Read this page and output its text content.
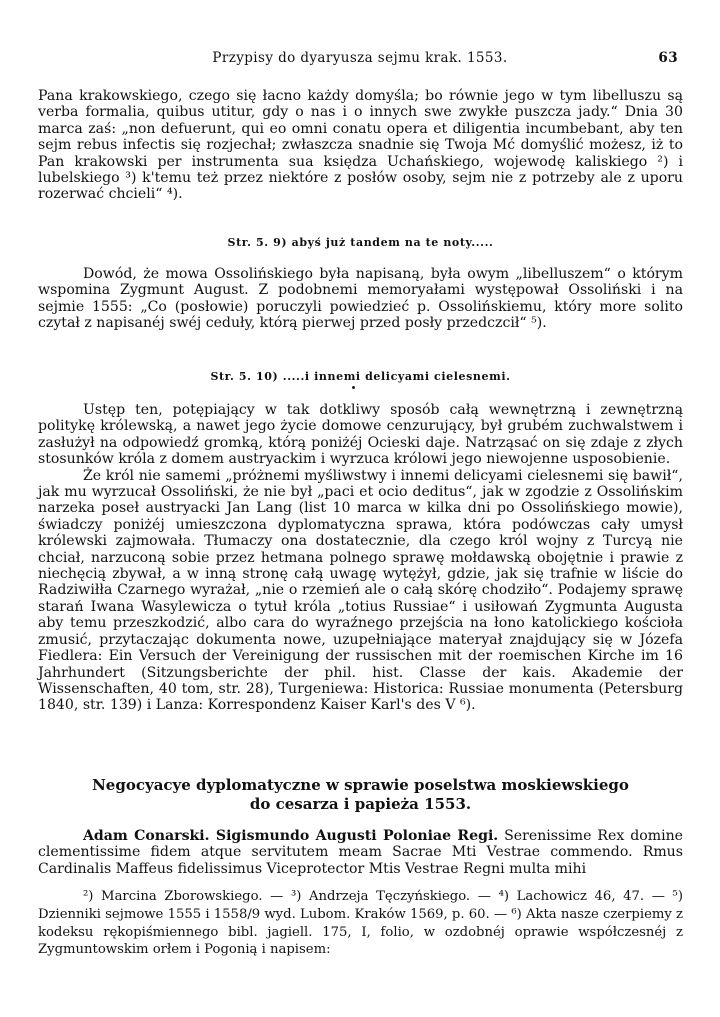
Przypisy do dyaryusza sejmu krak. 1553.	63

Pana krakowskiego, czego się łacno każdy domyśla; bo równie jego w tym libelluszu są verba formalia, quibus utitur, gdy o nas i o innych swe zwykłe puszcza jady.“ Dnia 30 marca zaś: „non defuerunt, qui eo omni conatu opera et diligentia incumbebant, aby ten sejm rebus infectis się rozjechał; zwłaszcza snadnie się Twoja Mć domyślić możesz, iż to Pan krakowski per instrumenta sua księdza Uchańskiego, wojewodę kaliskiego ²) i lubelskiego ³) k'temu też przez niektóre z posłów osoby, sejm nie z potrzeby ale z uporu rozerwać chcieli“ ⁴).

Str. 5. 9) abyś już tandem na te noty.....

Dowód, że mowa Ossolińskiego była napisaną, była owym „libelluszem“ o którym wspomina Zygmunt August. Z podobnemi memoryałami występował Ossoliński i na sejmie 1555: „Co (posłowie) poruczyli powiedzieć p. Ossolińskiemu, który more solito czytał z napisanéj swéj ceduły, którą pierwej przed posły przedczcił“ ⁵).

Str. 5. 10) .....i innemi delicyami cielesnemi.

Ustęp ten, potępiający w tak dotkliwy sposób całą wewnętrzną i zewnętrzną politykę królewską, a nawet jego życie domowe cenzurujący, był grubém zuchwalstwem i zasłużył na odpowiedź gromką, którą poniżéj Ocieski daje. Natrząsać on się zdaje z złych stosunków króla z domem austryackim i wyrzuca królowi jego niewojenne usposobienie.

Że król nie samemi „próżnemi myśliwstwy i innemi delicyami cielesnemi się bawił“, jak mu wyrzucał Ossoliński, że nie był „paci et ocio deditus“, jak w zgodzie z Ossolińskim narzeka poseł austryacki Jan Lang (list 10 marca w kilka dni po Ossolińskiego mowie), świadczy poniżéj umieszczona dyplomatyczna sprawa, która podówczas cały umysł królewski zajmowała. Tłumaczy ona dostatecznie, dla czego król wojny z Turcyą nie chciał, narzuconą sobie przez hetmana polnego sprawę mołdawską obojętnie i prawie z niechęcią zbywał, a w inną stronę całą uwagę wytężył, gdzie, jak się trafnie w liście do Radziwiłła Czarnego wyrażał, „nie o rzemień ale o całą skórę chodziło“. Podajemy sprawę starań Iwana Wasylewicza o tytuł króla „totius Russiae“ i usiłowań Zygmunta Augusta aby temu przeszkodzić, albo cara do wyraźnego przejścia na łono katolickiego kościoła zmusić, przytaczając dokumenta nowe, uzupełniające materyał znajdujący się w Józefa Fiedlera: Ein Versuch der Vereinigung der russischen mit der roemischen Kirche im 16 Jahrhundert (Sitzungsberichte der phil. hist. Classe der kais. Akademie der Wissenschaften, 40 tom, str. 28), Turgeniewa: Historica: Russiae monumenta (Petersburg 1840, str. 139) i Lanza: Korrespondenz Kaiser Karl's des V ⁶).

Negocyacye dyplomatyczne w sprawie poselstwa moskiewskiego
do cesarza i papieża 1553.

Adam Conarski. Sigismundo Augusti Poloniae Regi. Serenissime Rex domine clementissime fidem atque servitutem meam Sacrae Mti Vestrae commendo. Rmus Cardinalis Maffeus fidelissimus Viceprotector Mtis Vestrae Regni multa mihi

²) Marcina Zborowskiego. — ³) Andrzeja Tęczyńskiego. — ⁴) Lachowicz 46, 47. — ⁵) Dzienniki sejmowe 1555 i 1558/9 wyd. Lubom. Kraków 1569, p. 60. — ⁶) Akta nasze czerpiemy z kodeksu rękopiśmiennego bibl. jagiell. 175, I, folio, w ozdobnéj oprawie współczesnéj z Zygmuntowskim orłem i Pogonią i napisem:
